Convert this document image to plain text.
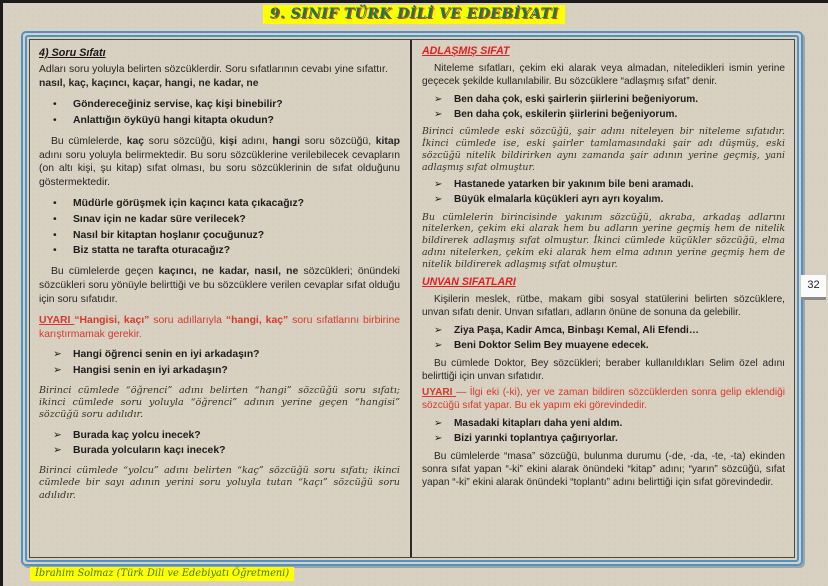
9. SINIF TÜRK DİLİ VE EDEBİYATI
4) Soru Sıfatı

Adları soru yoluyla belirten sözcüklerdir. Soru sıfatlarının cevabı yine sıfattır.

nasıl, kaç, kaçıncı, kaçar, hangi, ne kadar, ne

•	Göndereceğiniz servise, kaç kişi binebilir?
•	Anlattığın öyküyü hangi kitapta okudun?

Bu cümlelerde, kaç soru sözcüğü, kişi adını, hangi soru sözcüğü, kitap adını soru yoluyla belirmektedir. Bu soru sözcüklerine verilebilecek cevapların (on altı kişi, şu kitap) sıfat olması, bu soru sözcüklerinin de sıfat olduğunu göstermektedir.

•	Müdürle görüşmek için kaçıncı kata çıkacağız?
•	Sınav için ne kadar süre verilecek?
•	Nasıl bir kitaptan hoşlanır çocuğunuz?
•	Biz statta ne tarafta oturacağız?

Bu cümlelerde geçen kaçıncı, ne kadar, nasıl, ne sözcükleri; önündeki sözcükleri soru yönüyle belirttiği ve bu sözcüklere verilen cevaplar sıfat olduğu için soru sıfatıdır.

UYARI “Hangisi, kaçı” soru adıllarıyla “hangi, kaç” soru sıfatlarını birbirine karıştırmamak gerekir.

➢	Hangi öğrenci senin en iyi arkadaşın?
➢	Hangisi senin en iyi arkadaşın?

Birinci cümlede “öğrenci” adını belirten “hangi” sözcüğü soru sıfatı; ikinci cümlede soru yoluyla “öğrenci” adının yerine geçen “hangisi” sözcüğü soru adılıdır.

➢	Burada kaç yolcu inecek?
➢	Burada yolcuların kaçı inecek?

Birinci cümlede “yolcu” adını belirten “kaç” sözcüğü soru sıfatı; ikinci cümlede bir sayı adının yerini soru yoluyla tutan “kaçı” sözcüğü soru adılıdır.

ADLAŞMIŞ SIFAT

Niteleme sıfatları, çekim eki alarak veya almadan, niteledikleri ismin yerine geçecek şekilde kullanılabilir. Bu sözcüklere “adlaşmış sıfat” denir.

➢	Ben daha çok, eski şairlerin şiirlerini beğeniyorum.
➢	Ben daha çok, eskilerin şiirlerini beğeniyorum.

Birinci cümlede eski sözcüğü, şair adını niteleyen bir niteleme sıfatıdır. İkinci cümlede ise, eski şairler tamlamasındaki şair adı düşmüş, eski sözcüğü nitelik bildirirken aynı zamanda şair adının yerine geçmiş, yani adlaşmış sıfat olmuştur.

➢	Hastanede yatarken bir yakınım bile beni aramadı.
➢	Büyük elmalarla küçükleri ayrı ayrı koyalım.

Bu cümlelerin birincisinde yakınım sözcüğü, akraba, arkadaş adlarını nitelerken, çekim eki alarak hem bu adların yerine geçmiş hem de nitelik bildirerek adlaşmış sıfat olmuştur. İkinci cümlede küçükler sözcüğü, elma adını nitelerken, çekim eki alarak hem elma adının yerine geçmiş hem de nitelik bildirerek adlaşmış sıfat olmuştur.

UNVAN SIFATLARI

Kişilerin meslek, rütbe, makam gibi sosyal statülerini belirten sözcüklere, unvan sıfatı denir. Unvan sıfatları, adların önüne de sonuna da gelebilir.

➢	Ziya Paşa, Kadir Amca, Binbaşı Kemal, Ali Efendi…
➢	Beni Doktor Selim Bey muayene edecek.

Bu cümlede Doktor, Bey sözcükleri; beraber kullanıldıkları Selim özel adını belirttiği için unvan sıfatıdır.

UYARI — İlgi eki (-ki), yer ve zaman bildiren sözcüklerden sonra gelip eklendiği sözcüğü sıfat yapar. Bu ek yapım eki görevindedir.

➢	Masadaki kitapları daha yeni aldım.
➢	Bizi yarınki toplantıya çağırıyorlar.

Bu cümlelerde “masa” sözcüğü, bulunma durumu (-de, -da, -te, -ta) ekinden sonra sıfat yapan “-ki” ekini alarak önündeki “kitap” adını; “yarın” sözcüğü, sıfat yapan “-ki” ekini alarak önündeki “toplantı” adını belirttiği için sıfat görevindedir.

32
İbrahim Solmaz (Türk Dili ve Edebiyatı Öğretmeni)
